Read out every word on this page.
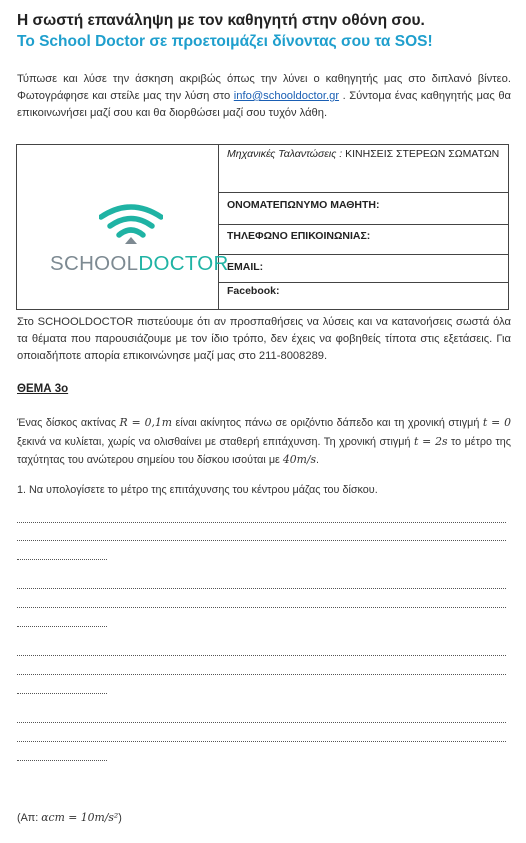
Η σωστή επανάληψη με τον καθηγητή στην οθόνη σου.
Το School Doctor σε προετοιμάζει δίνοντας σου τα SOS!
Τύπωσε και λύσε την άσκηση ακριβώς όπως την λύνει ο καθηγητής μας στο διπλανό βίντεο. Φωτογράφησε και στείλε μας την λύση στο info@schooldoctor.gr . Σύντομα ένας καθηγητής μας θα επικοινωνήσει μαζί σου και θα διορθώσει μαζί σου τυχόν λάθη.
SCHOOLDOCTOR
Μηχανικές Ταλαντώσεις : ΚΙΝΗΣΕΙΣ ΣΤΕΡΕΩΝ ΣΩΜΑΤΩΝ
ΟΝΟΜΑΤΕΠΩΝΥΜΟ ΜΑΘΗΤΗ:
ΤΗΛΕΦΩΝΟ ΕΠΙΚΟΙΝΩΝΙΑΣ:
EMAIL:
Facebook:
Στο SCHOOLDOCTOR πιστεύουμε ότι αν προσπαθήσεις να λύσεις και να κατανοήσεις σωστά όλα τα θέματα που παρουσιάζουμε με τον ίδιο τρόπο, δεν έχεις να φοβηθείς τίποτα στις εξετάσεις. Για οποιαδήποτε απορία επικοινώνησε μαζί μας στο 211-8008289.
ΘΕΜΑ 3ο
Ένας δίσκος ακτίνας R = 0,1m είναι ακίνητος πάνω σε οριζόντιο δάπεδο και τη χρονική στιγμή t = 0 ξεκινά να κυλίεται, χωρίς να ολισθαίνει με σταθερή επιτάχυνση. Τη χρονική στιγμή t = 2s το μέτρο της ταχύτητας του ανώτερου σημείου του δίσκου ισούται με 40m/s.
1. Να υπολογίσετε το μέτρο της επιτάχυνσης του κέντρου μάζας του δίσκου.
(Απ: αcm = 10m/s²)
